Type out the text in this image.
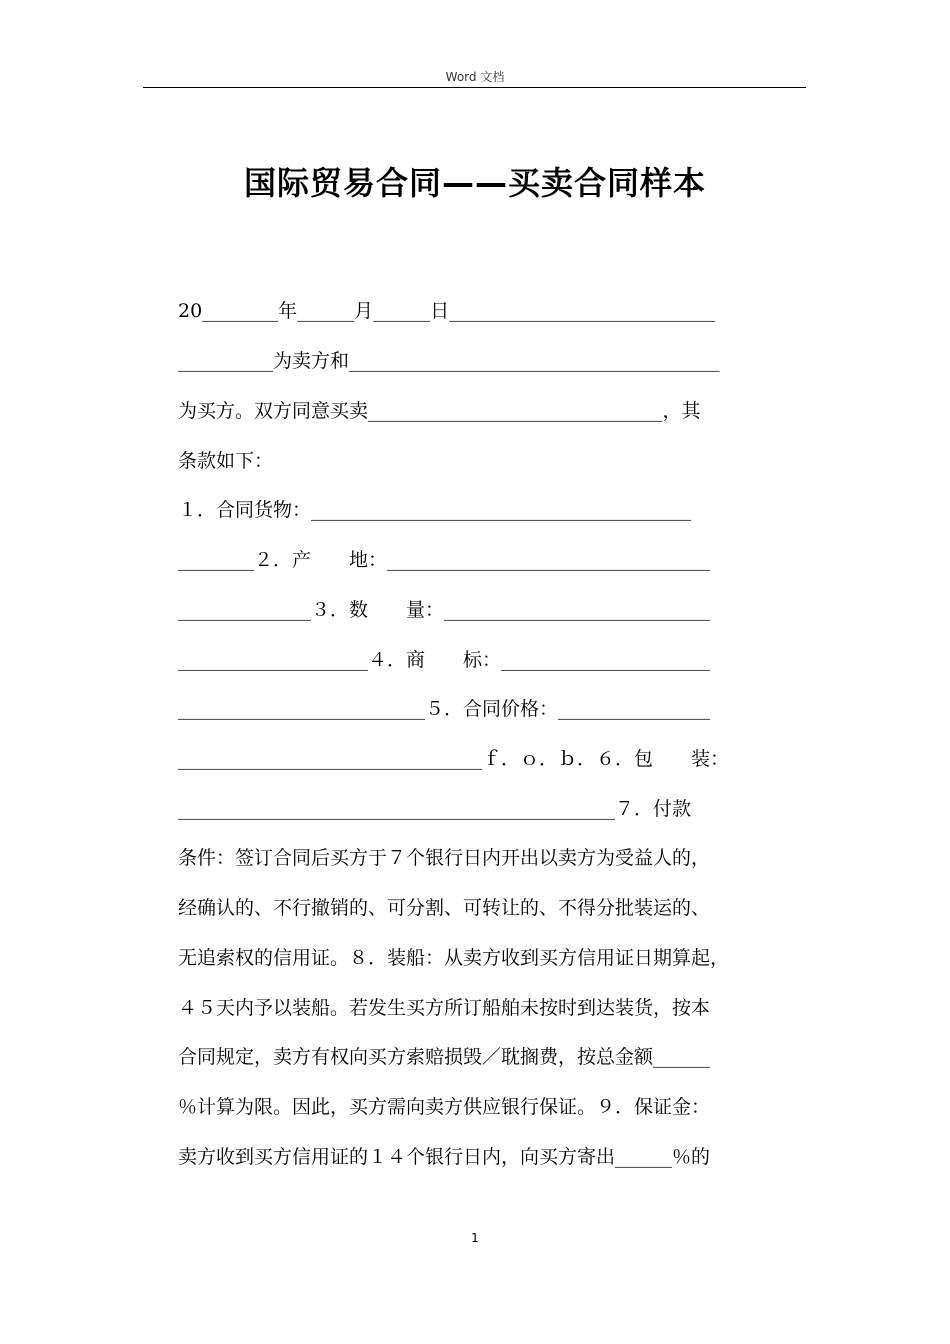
Word 文档
国际贸易合同——买卖合同样本
20________年______月______日____________________________
__________为卖方和_______________________________________
为买方。双方同意买卖_______________________________，其
条款如下：
１．合同货物：________________________________________
________２．产　　地：__________________________________
______________３．数　　量：____________________________
____________________４．商　　标：______________________
__________________________５．合同价格：________________
________________________________ｆ．ｏ．ｂ．６．包　　装：
______________________________________________７．付款
条件：签订合同后买方于７个银行日内开出以卖方为受益人的，
经确认的、不行撤销的、可分割、可转让的、不得分批装运的、
无追索权的信用证。８．装船：从卖方收到买方信用证日期算起，
４５天内予以装船。若发生买方所订船舶未按时到达装货，按本
合同规定，卖方有权向买方索赔损毁／耽搁费，按总金额______
％计算为限。因此，买方需向卖方供应银行保证。９．保证金：
卖方收到买方信用证的１４个银行日内，向买方寄出______％的
1
